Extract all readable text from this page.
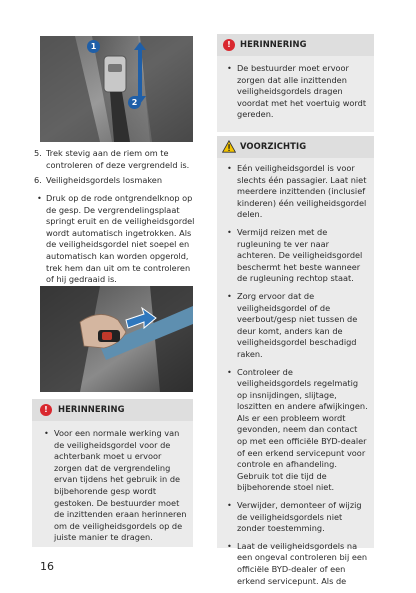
1
2
5. Trek stevig aan de riem om te controleren of deze vergrendeld is.
6. Veiligheidsgordels losmaken
• Druk op de rode ontgrendelknop op de gesp. De vergrendelingsplaat springt eruit en de veiligheidsgordel wordt automatisch ingetrokken. Als de veiligheidsgordel niet soepel en automatisch kan worden opgerold, trek hem dan uit om te controleren of hij gedraaid is.
!	HERINNERING
• Voor een normale werking van de veiligheidsgordel voor de achterbank moet u ervoor zorgen dat de vergrendeling ervan tijdens het gebruik in de bijbehorende gesp wordt gestoken. De bestuurder moet de inzittenden eraan herinneren om de veiligheidsgordels op de juiste manier te dragen.
!	HERINNERING
• De bestuurder moet ervoor zorgen dat alle inzittenden veiligheidsgordels dragen voordat met het voertuig wordt gereden.
VOORZICHTIG
• Eén veiligheidsgordel is voor slechts één passagier. Laat niet meerdere inzittenden (inclusief kinderen) één veiligheidsgordel delen.
• Vermijd reizen met de rugleuning te ver naar achteren. De veiligheidsgordel beschermt het beste wanneer de rugleuning rechtop staat.
• Zorg ervoor dat de veiligheidsgordel of de veerbout/gesp niet tussen de deur komt, anders kan de veiligheidsgordel beschadigd raken.
• Controleer de veiligheidsgordels regelmatig op insnijdingen, slijtage, loszitten en andere afwijkingen. Als er een probleem wordt gevonden, neem dan contact op met een officiële BYD-dealer of een erkend servicepunt voor controle en afhandeling. Gebruik tot die tijd de bijbehorende stoel niet.
• Verwijder, demonteer of wijzig de veiligheidsgordels niet zonder toestemming.
• Laat de veiligheidsgordels na een ongeval controleren bij een officiële BYD-dealer of een erkend servicepunt. Als de
16
